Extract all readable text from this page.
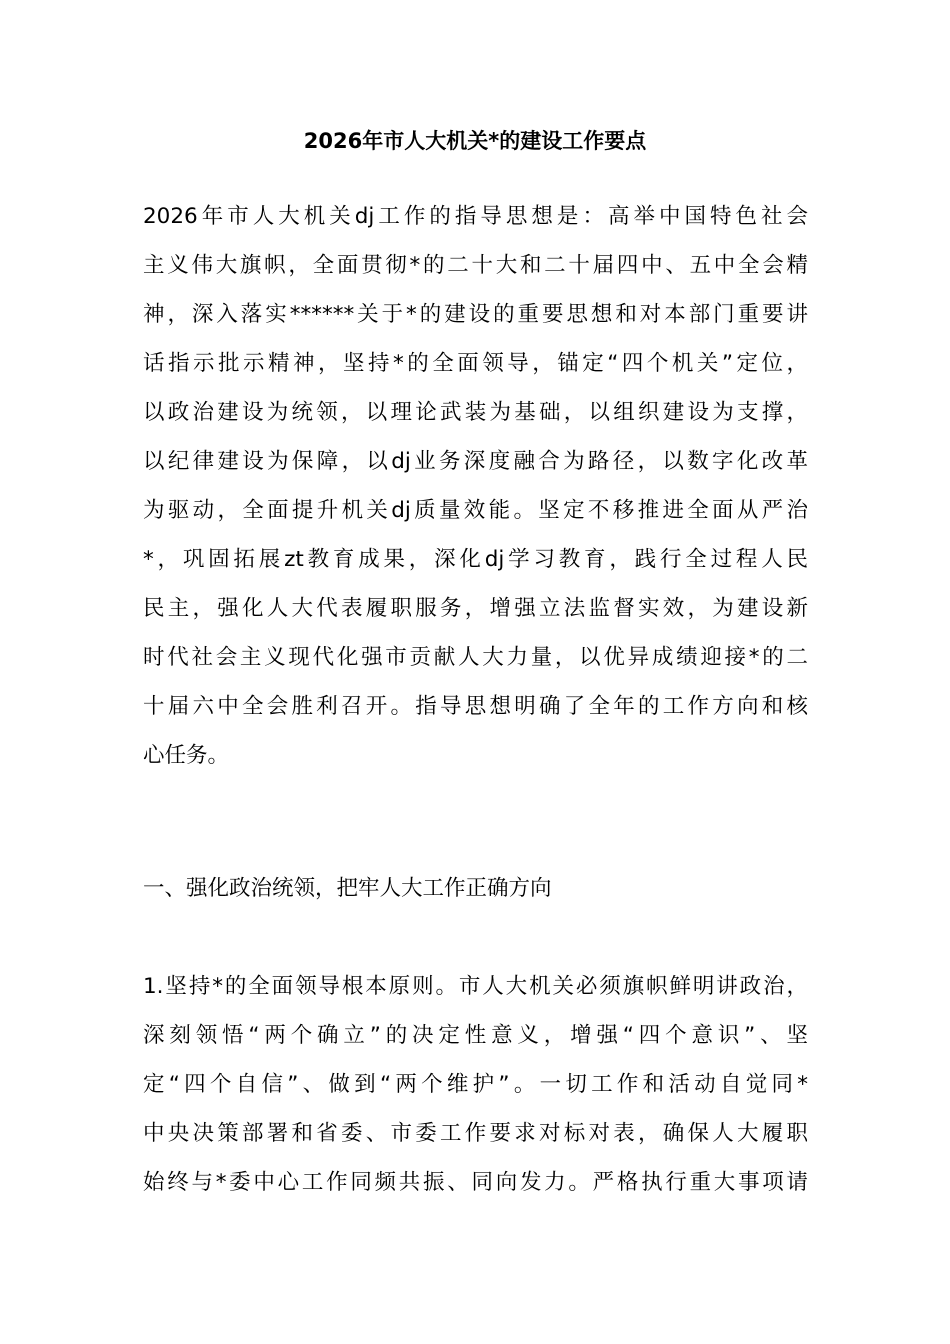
2026年市人大机关*的建设工作要点
2026年市人大机关dj工作的指导思想是：高举中国特色社会
主义伟大旗帜，全面贯彻*的二十大和二十届四中、五中全会精
神，深入落实******关于*的建设的重要思想和对本部门重要讲
话指示批示精神，坚持*的全面领导，锚定“四个机关”定位，
以政治建设为统领，以理论武装为基础，以组织建设为支撑，
以纪律建设为保障，以dj业务深度融合为路径，以数字化改革
为驱动，全面提升机关dj质量效能。坚定不移推进全面从严治
*，巩固拓展zt教育成果，深化dj学习教育，践行全过程人民
民主，强化人大代表履职服务，增强立法监督实效，为建设新
时代社会主义现代化强市贡献人大力量，以优异成绩迎接*的二
十届六中全会胜利召开。指导思想明确了全年的工作方向和核
心任务。
一、强化政治统领，把牢人大工作正确方向
1.坚持*的全面领导根本原则。市人大机关必须旗帜鲜明讲政治，
深刻领悟“两个确立”的决定性意义，增强“四个意识”、坚
定“四个自信”、做到“两个维护”。一切工作和活动自觉同*
中央决策部署和省委、市委工作要求对标对表，确保人大履职
始终与*委中心工作同频共振、同向发力。严格执行重大事项请
